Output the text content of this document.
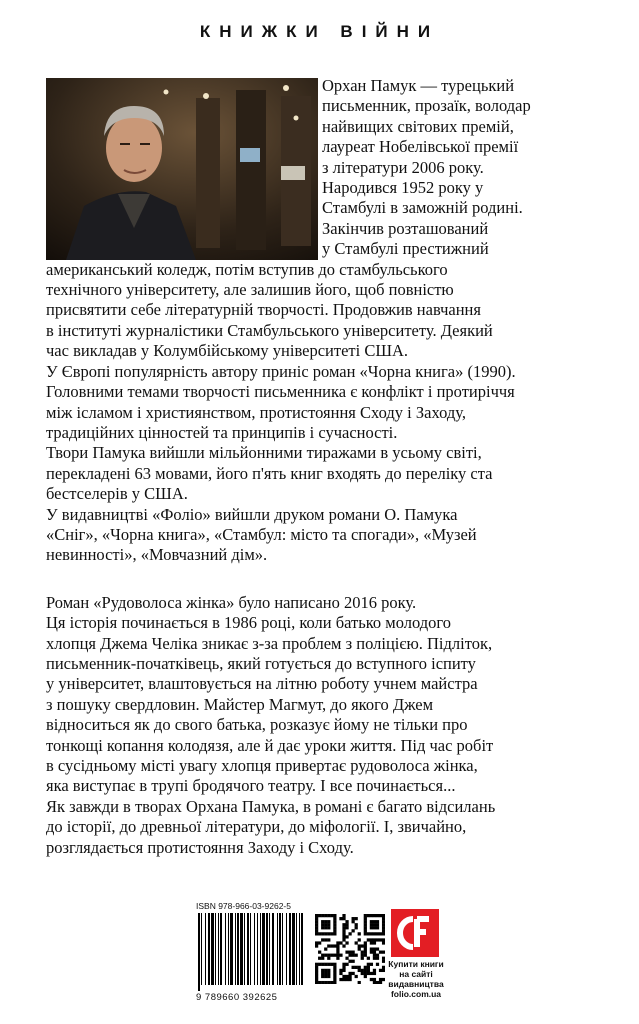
КНИЖКИ ВІЙНИ
Орхан Памук — турецький
письменник, прозаїк, володар
найвищих світових премій,
лауреат Нобелівської премії
з літератури 2006 року.
Народився 1952 року у
Стамбулі в заможній родині.
Закінчив розташований
у Стамбулі престижний
американський коледж, потім вступив до стамбульського
технічного університету, але залишив його, щоб повністю
присвятити себе літературній творчості. Продовжив навчання
в інституті журналістики Стамбульського університету. Деякий
час викладав у Колумбійському університеті США.
У Європі популярність автору приніс роман «Чорна книга» (1990).
Головними темами творчості письменника є конфлікт і протиріччя
між ісламом і християнством, протистояння Сходу і Заходу,
традиційних цінностей та принципів і сучасності.
Твори Памука вийшли мільйонними тиражами в усьому світі,
перекладені 63 мовами, його п'ять книг входять до переліку ста
бестселерів у США.
У видавництві «Фоліо» вийшли друком романи О. Памука
«Сніг», «Чорна книга», «Стамбул: місто та спогади», «Музей
невинності», «Мовчазний дім».
Роман «Рудоволоса жінка» було написано 2016 року.
Ця історія починається в 1986 році, коли батько молодого
хлопця Джема Челіка зникає з-за проблем з поліцією. Підліток,
письменник-початківець, який готується до вступного іспиту
у університет, влаштовується на літню роботу учнем майстра
з пошуку свердловин. Майстер Магмут, до якого Джем
відноситься як до свого батька, розказує йому не тільки про
тонкощі копання колодязя, але й дає уроки життя. Під час робіт
в сусідньому місті увагу хлопця привертає рудоволоса жінка,
яка виступає в трупі бродячого театру. І все починається...
Як завжди в творах Орхана Памука, в романі є багато відсилань
до історії, до древньої літератури, до міфології. І, звичайно,
розглядається протистояння Заходу і Сходу.
ISBN 978-966-03-9262-5
9 789660 392625
Купити книги
на сайті
видавництва
folio.com.ua
